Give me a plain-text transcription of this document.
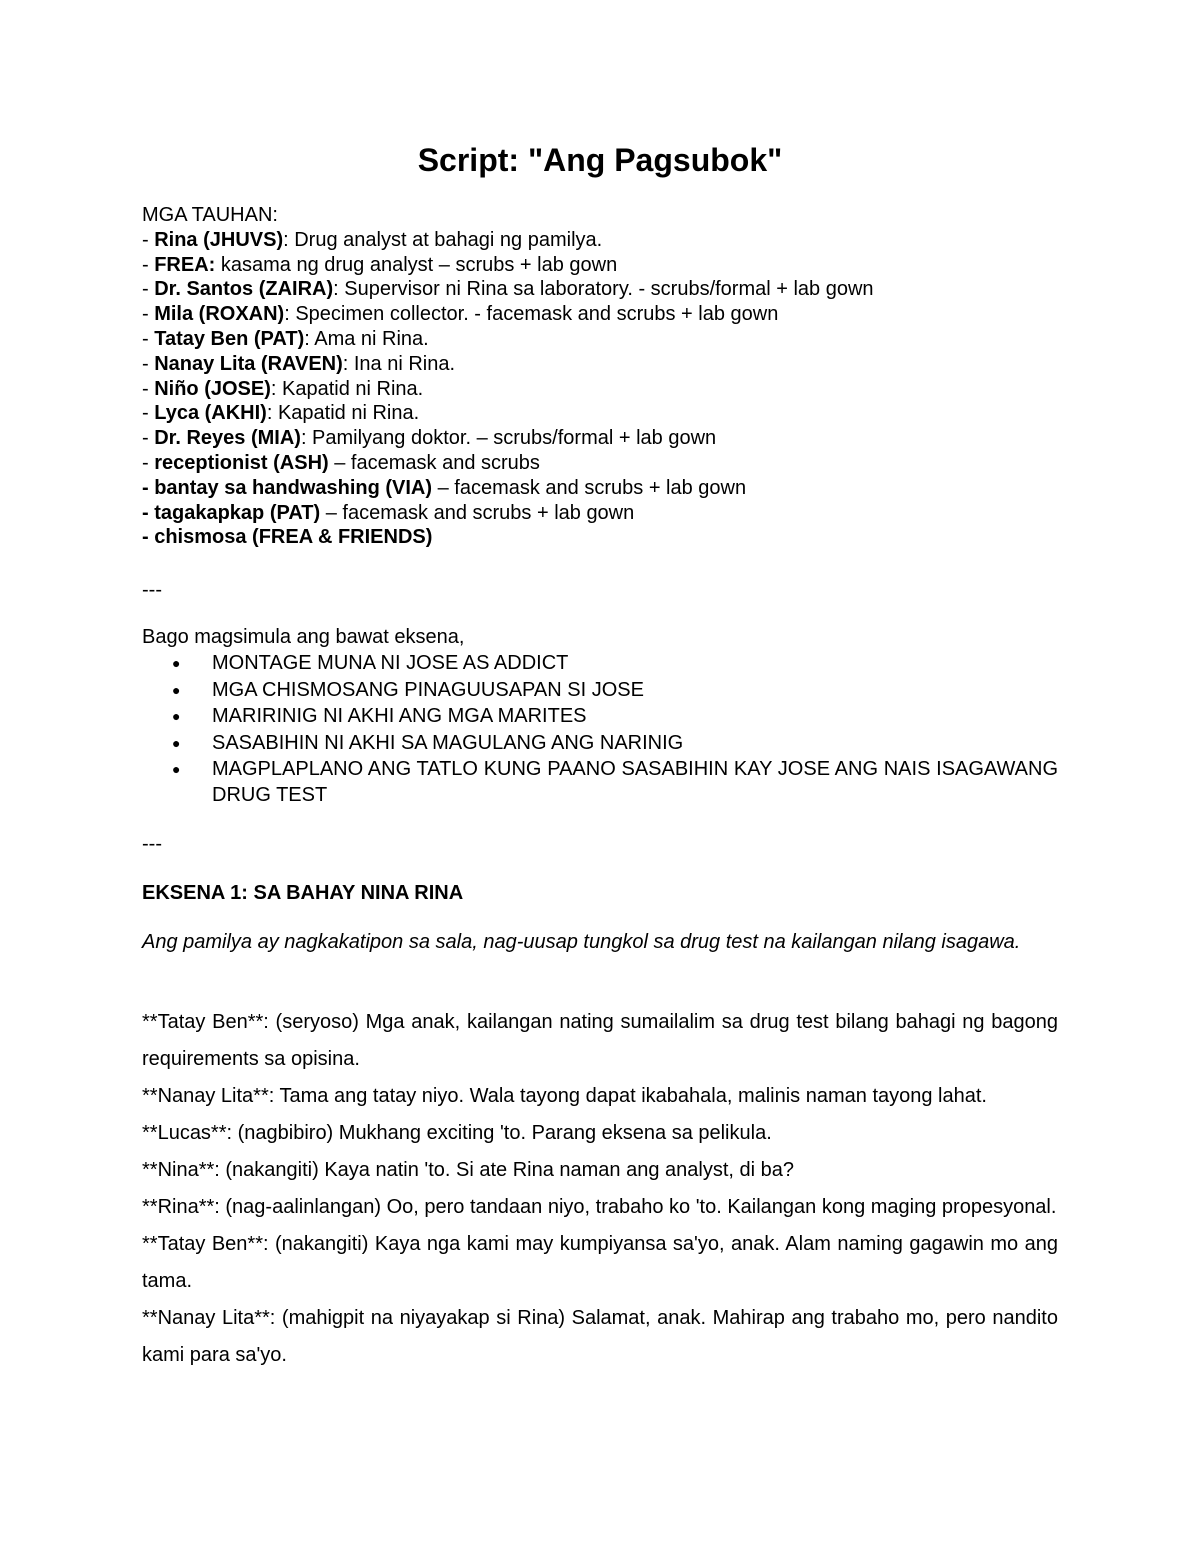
Script: "Ang Pagsubok"
MGA TAUHAN:
- Rina (JHUVS): Drug analyst at bahagi ng pamilya.
- FREA: kasama ng drug analyst – scrubs + lab gown
- Dr. Santos (ZAIRA): Supervisor ni Rina sa laboratory. - scrubs/formal + lab gown
- Mila (ROXAN): Specimen collector. - facemask and scrubs + lab gown
- Tatay Ben (PAT): Ama ni Rina.
- Nanay Lita (RAVEN): Ina ni Rina.
- Niño (JOSE): Kapatid ni Rina.
- Lyca (AKHI): Kapatid ni Rina.
- Dr. Reyes (MIA): Pamilyang doktor. – scrubs/formal + lab gown
- receptionist (ASH) – facemask and scrubs
- bantay sa handwashing (VIA) – facemask and scrubs + lab gown
- tagakapkap (PAT) – facemask and scrubs + lab gown
- chismosa (FREA & FRIENDS)
---
Bago magsimula ang bawat eksena,
● MONTAGE MUNA NI JOSE AS ADDICT
● MGA CHISMOSANG PINAGUUSAPAN SI JOSE
● MARIRINIG NI AKHI ANG MGA MARITES
● SASABIHIN NI AKHI SA MAGULANG ANG NARINIG
● MAGPLAPLANO ANG TATLO KUNG PAANO SASABIHIN KAY JOSE ANG NAIS ISAGAWANG DRUG TEST
---
EKSENA 1: SA BAHAY NINA RINA

Ang pamilya ay nagkakatipon sa sala, nag-uusap tungkol sa drug test na kailangan nilang isagawa.

**Tatay Ben**: (seryoso) Mga anak, kailangan nating sumailalim sa drug test bilang bahagi ng bagong requirements sa opisina.

**Nanay Lita**: Tama ang tatay niyo. Wala tayong dapat ikabahala, malinis naman tayong lahat.

**Lucas**: (nagbibiro) Mukhang exciting 'to. Parang eksena sa pelikula.

**Nina**: (nakangiti) Kaya natin 'to. Si ate Rina naman ang analyst, di ba?

**Rina**: (nag-aalinlangan) Oo, pero tandaan niyo, trabaho ko 'to. Kailangan kong maging propesyonal.

**Tatay Ben**: (nakangiti) Kaya nga kami may kumpiyansa sa'yo, anak. Alam naming gagawin mo ang tama.

**Nanay Lita**: (mahigpit na niyayakap si Rina) Salamat, anak. Mahirap ang trabaho mo, pero nandito kami para sa'yo.
